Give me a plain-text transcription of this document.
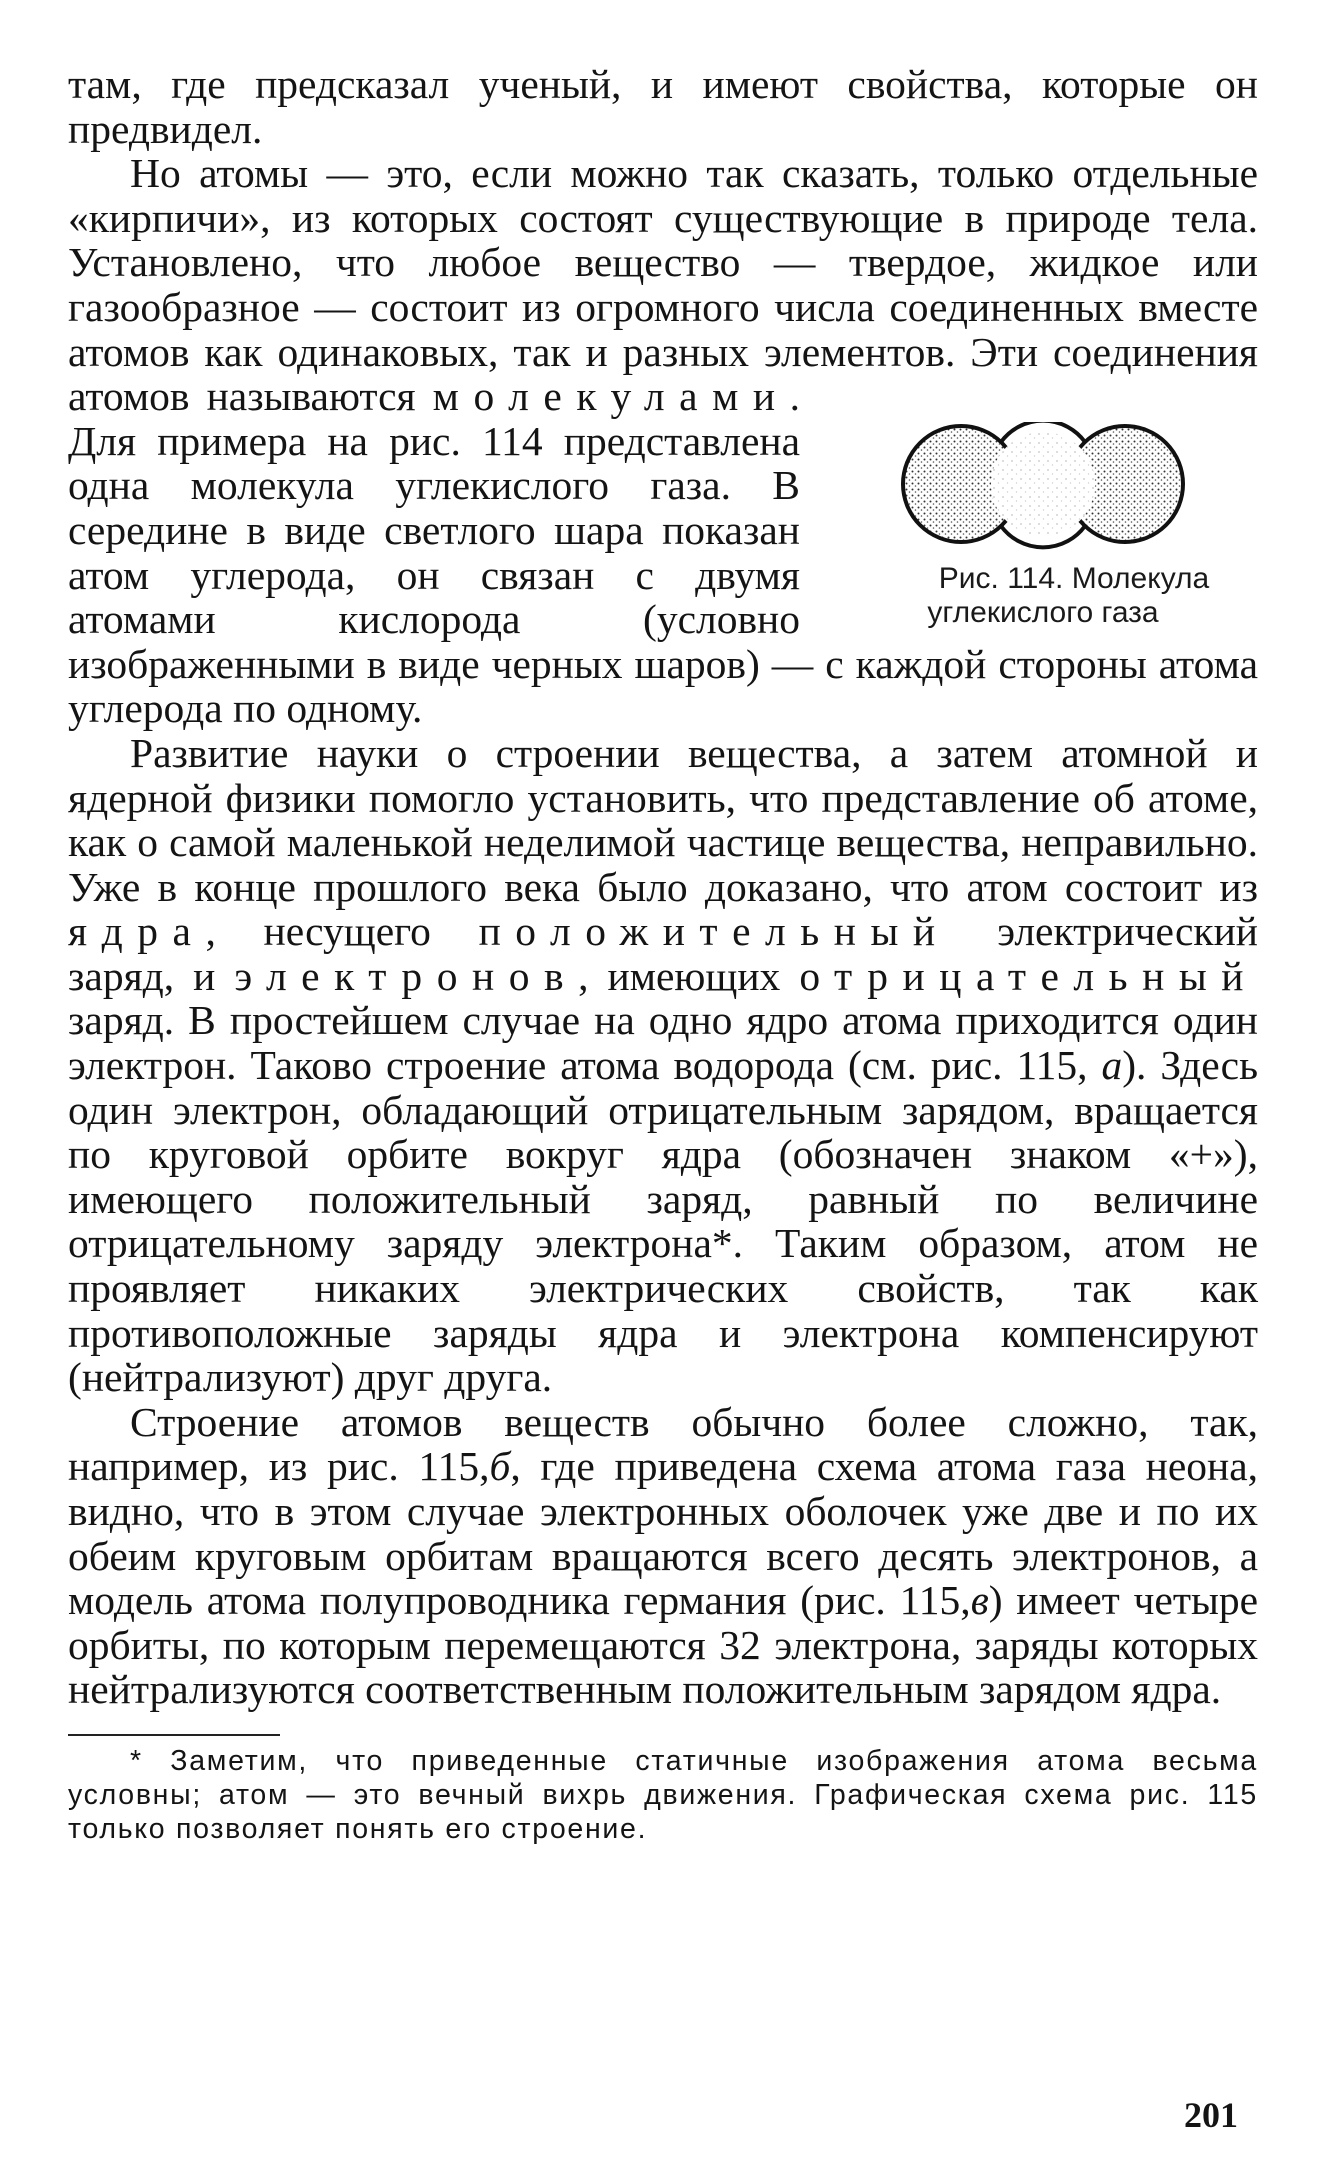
там, где предсказал ученый, и имеют свойства, которые он предвидел.

Но атомы — это, если можно так сказать, только отдельные «кирпичи», из которых состоят существующие в природе тела. Установлено, что любое вещество — твердое, жидкое или газообразное — состоит из огромного числа соединенных вместе атомов как одинаковых, так и разных элементов. Эти соединения атомов называются
Рис. 114. Молекула углекислого газа
молекулами. Для примера на рис. 114 представлена одна молекула углекислого газа. В середине в виде светлого шара показан атом углерода, он связан с двумя атомами кислорода (условно изображенными в виде черных шаров) — с каждой стороны атома углерода по одному.

Развитие науки о строении вещества, а затем атомной и ядерной физики помогло установить, что представление об атоме, как о самой маленькой неделимой частице вещества, неправильно. Уже в конце прошлого века было доказано, что атом состоит из ядра, несущего положительный электрический заряд, и электронов, имеющих отрицательный заряд. В простейшем случае на одно ядро атома приходится один электрон. Таково строение атома водорода (см. рис. 115, а). Здесь один электрон, обладающий отрицательным зарядом, вращается по круговой орбите вокруг ядра (обозначен знаком «+»), имеющего положительный заряд, равный по величине отрицательному заряду электрона*. Таким образом, атом не проявляет никаких электрических свойств, так как противоположные заряды ядра и электрона компенсируют (нейтрализуют) друг друга.

Строение атомов веществ обычно более сложно, так, например, из рис. 115,б, где приведена схема атома газа неона, видно, что в этом случае электронных оболочек уже две и по их обеим круговым орбитам вращаются всего десять электронов, а модель атома полупроводника германия (рис. 115,в) имеет четыре орбиты, по которым перемещаются 32 электрона, заряды которых нейтрализуются соответственным положительным зарядом ядра.

* Заметим, что приведенные статичные изображения атома весьма условны; атом — это вечный вихрь движения. Графическая схема рис. 115 только позволяет понять его строение.

201
